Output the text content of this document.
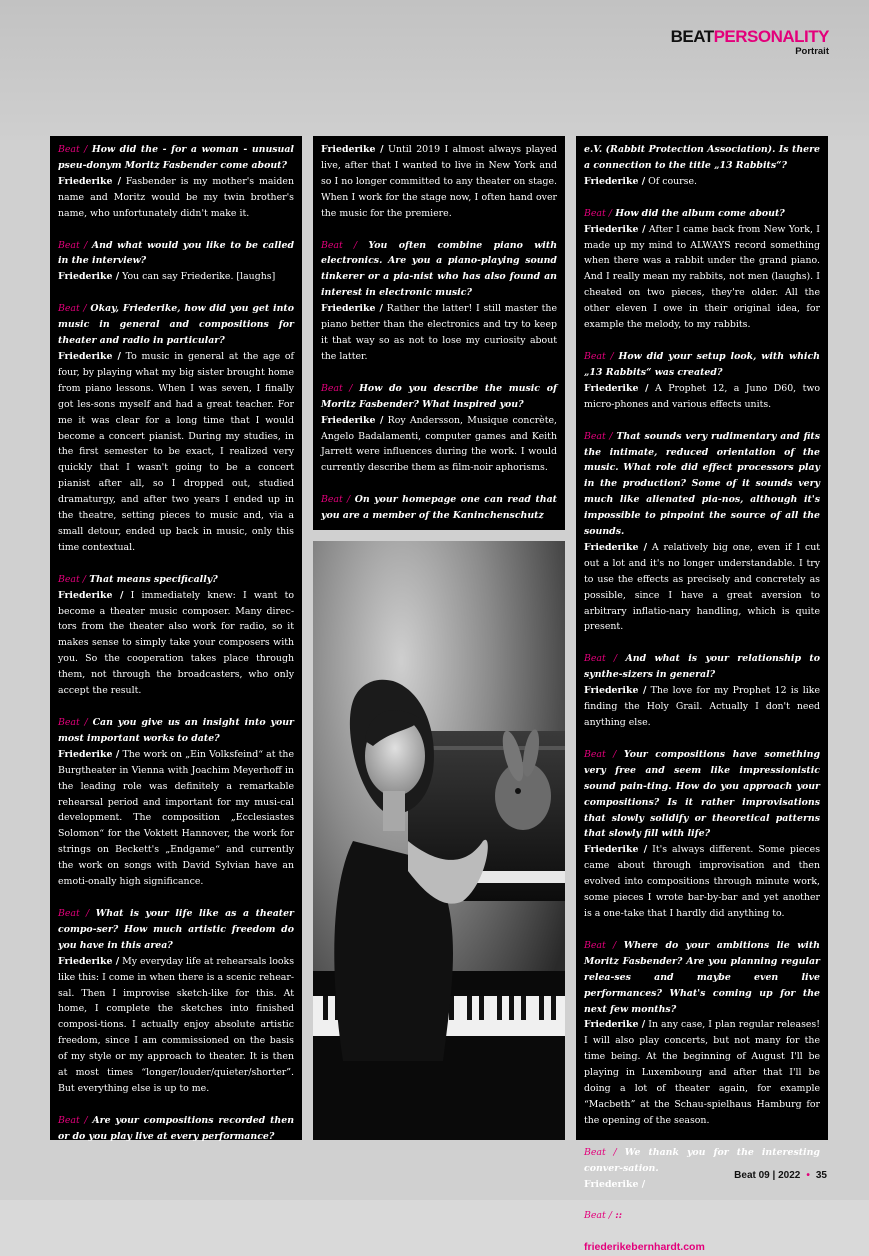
BEATPERSONALITY
Portrait
Beat / How did the - for a woman - unusual pseu-donym Moritz Fasbender come about?
Friederike / Fasbender is my mother's maiden name and Moritz would be my twin brother's name, who unfortunately didn't make it.
Beat / And what would you like to be called in the interview?
Friederike / You can say Friederike. [laughs]
Beat / Okay, Friederike, how did you get into music in general and compositions for theater and radio in particular?
Friederike / To music in general at the age of four, by playing what my big sister brought home from piano lessons. When I was seven, I finally got les-sons myself and had a great teacher. For me it was clear for a long time that I would become a concert pianist. During my studies, in the first semester to be exact, I realized very quickly that I wasn't going to be a concert pianist after all, so I dropped out, studied dramaturgy, and after two years I ended up in the theatre, setting pieces to music and, via a small detour, ended up back in music, only this time contextual.
Beat / That means specifically?
Friederike / I immediately knew: I want to become a theater music composer. Many direc-tors from the theater also work for radio, so it makes sense to simply take your composers with you. So the cooperation takes place through them, not through the broadcasters, who only accept the result.
Beat / Can you give us an insight into your most important works to date?
Friederike / The work on „Ein Volksfeind“ at the Burgtheater in Vienna with Joachim Meyerhoff in the leading role was definitely a remarkable rehearsal period and important for my musi-cal development. The composition „Ecclesiastes Solomon“ for the Voktett Hannover, the work for strings on Beckett's „Endgame“ and currently the work on songs with David Sylvian have an emoti-onally high significance.
Beat / What is your life like as a theater compo-ser? How much artistic freedom do you have in this area?
Friederike / My everyday life at rehearsals looks like this: I come in when there is a scenic rehear-sal. Then I improvise sketch-like for this. At home, I complete the sketches into finished composi-tions. I actually enjoy absolute artistic freedom, since I am commissioned on the basis of my style or my approach to theater. It is then at most times “longer/louder/quieter/shorter”. But everything else is up to me.
Beat / Are your compositions recorded then or do you play live at every performance?
Friederike / Until 2019 I almost always played live, after that I wanted to live in New York and so I no longer committed to any theater on stage. When I work for the stage now, I often hand over the music for the premiere.
Beat / You often combine piano with electronics. Are you a piano-playing sound tinkerer or a pia-nist who has also found an interest in electronic music?
Friederike / Rather the latter! I still master the piano better than the electronics and try to keep it that way so as not to lose my curiosity about the latter.
Beat / How do you describe the music of Moritz Fasbender? What inspired you?
Friederike / Roy Andersson, Musique concrète, Angelo Badalamenti, computer games and Keith Jarrett were influences during the work. I would currently describe them as film-noir aphorisms.
Beat / On your homepage one can read that you are a member of the Kaninchenschutz
e.V. (Rabbit Protection Association). Is there a connection to the title „13 Rabbits“?
Friederike / Of course.
Beat / How did the album come about?
Friederike / After I came back from New York, I made up my mind to ALWAYS record something when there was a rabbit under the grand piano. And I really mean my rabbits, not men (laughs). I cheated on two pieces, they're older. All the other eleven I owe in their original idea, for example the melody, to my rabbits.
Beat / How did your setup look, with which „13 Rabbits“ was created?
Friederike / A Prophet 12, a Juno D60, two micro-phones and various effects units.
Beat / That sounds very rudimentary and fits the intimate, reduced orientation of the music. What role did effect processors play in the production? Some of it sounds very much like alienated pia-nos, although it's impossible to pinpoint the source of all the sounds.
Friederike / A relatively big one, even if I cut out a lot and it's no longer understandable. I try to use the effects as precisely and concretely as possible, since I have a great aversion to arbitrary inflatio-nary handling, which is quite present.
Beat / And what is your relationship to synthe-sizers in general?
Friederike / The love for my Prophet 12 is like finding the Holy Grail. Actually I don't need anything else.
Beat / Your compositions have something very free and seem like impressionistic sound pain-ting. How do you approach your compositions? Is it rather improvisations that slowly solidify or theoretical patterns that slowly fill with life?
Friederike / It's always different. Some pieces came about through improvisation and then evolved into compositions through minute work, some pieces I wrote bar-by-bar and yet another is a one-take that I hardly did anything to.
Beat / Where do your ambitions lie with Moritz Fasbender? Are you planning regular relea-ses and maybe even live performances? What's coming up for the next few months?
Friederike / In any case, I plan regular releases! I will also play concerts, but not many for the time being. At the beginning of August I'll be playing in Luxembourg and after that I'll be doing a lot of theater again, for example “Macbeth” at the Schau-spielhaus Hamburg for the opening of the season.
Beat / We thank you for the interesting conver-sation.
Friederike /
Beat / ::
friederikebernhardt.com
Beat 09 | 2022 • 35
